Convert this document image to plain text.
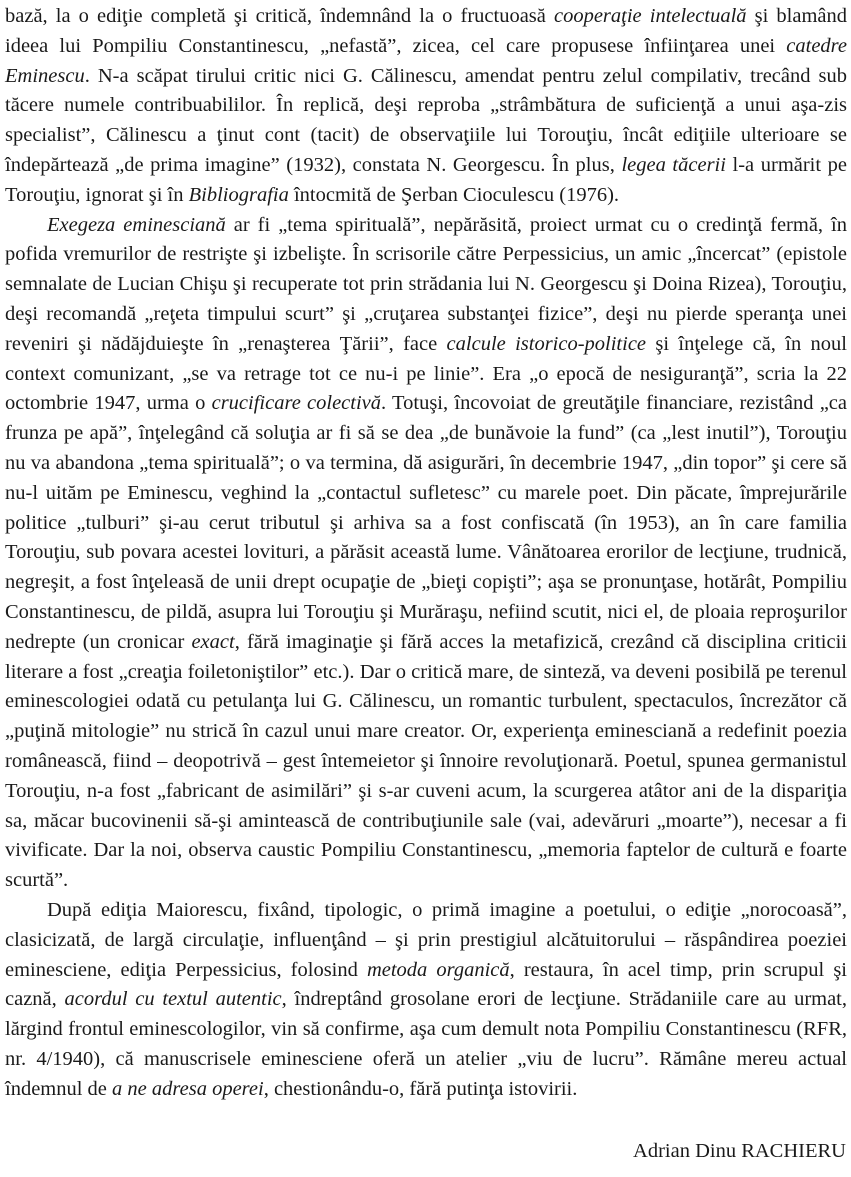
bază, la o ediţie completă şi critică, îndemnând la o fructuoasă cooperaţie intelectuală şi blamând ideea lui Pompiliu Constantinescu, „nefastă”, zicea, cel care propusese înfiinţarea unei catedre Eminescu. N-a scăpat tirului critic nici G. Călinescu, amendat pentru zelul compilativ, trecând sub tăcere numele contribuabililor. În replică, deşi reproba „strâmbătura de suficienţă a unui aşa-zis specialist”, Călinescu a ţinut cont (tacit) de observaţiile lui Torouţiu, încât ediţiile ulterioare se îndepărtează „de prima imagine” (1932), constata N. Georgescu. În plus, legea tăcerii l-a urmărit pe Torouţiu, ignorat şi în Bibliografia întocmită de Şerban Cioculescu (1976).

Exegeza eminesciană ar fi „tema spirituală”, nepărăsită, proiect urmat cu o credinţă fermă, în pofida vremurilor de restrişte şi izbelişte. În scrisorile către Perpessicius, un amic „încercat” (epistole semnalate de Lucian Chişu şi recuperate tot prin strădania lui N. Georgescu şi Doina Rizea), Torouţiu, deşi recomandă „reţeta timpului scurt” şi „cruţarea substanţei fizice”, deşi nu pierde speranţa unei reveniri şi nădăjduieşte în „renaşterea Ţării”, face calcule istorico-politice şi înţelege că, în noul context comunizant, „se va retrage tot ce nu-i pe linie”. Era „o epocă de nesiguranţă”, scria la 22 octombrie 1947, urma o crucificare colectivă. Totuşi, încovoiat de greutăţile financiare, rezistând „ca frunza pe apă”, înţelegând că soluţia ar fi să se dea „de bunăvoie la fund” (ca „lest inutil”), Torouţiu nu va abandona „tema spirituală”; o va termina, dă asigurări, în decembrie 1947, „din topor” şi cere să nu-l uităm pe Eminescu, veghind la „contactul sufletesc” cu marele poet. Din păcate, împrejurările politice „tulburi” şi-au cerut tributul şi arhiva sa a fost confiscată (în 1953), an în care familia Torouţiu, sub povara acestei lovituri, a părăsit această lume. Vânătoarea erorilor de lecţiune, trudnică, negreşit, a fost înţeleasă de unii drept ocupaţie de „bieţi copişti”; aşa se pronunţase, hotărât, Pompiliu Constantinescu, de pildă, asupra lui Torouţiu şi Murăraşu, nefiind scutit, nici el, de ploaia reproşurilor nedrepte (un cronicar exact, fără imaginaţie şi fără acces la metafizică, crezând că disciplina criticii literare a fost „creaţia foiletoniştilor” etc.). Dar o critică mare, de sinteză, va deveni posibilă pe terenul eminescologiei odată cu petulanţa lui G. Călinescu, un romantic turbulent, spectaculos, încrezător că „puţină mitologie” nu strică în cazul unui mare creator. Or, experienţa eminesciană a redefinit poezia românească, fiind – deopotrivă – gest întemeietor şi înnoire revoluţionară. Poetul, spunea germanistul Torouţiu, n-a fost „fabricant de asimilări” şi s-ar cuveni acum, la scurgerea atâtor ani de la dispariţia sa, măcar bucovinenii să-şi amintească de contribuţiunile sale (vai, adevăruri „moarte”), necesar a fi vivificate. Dar la noi, observa caustic Pompiliu Constantinescu, „memoria faptelor de cultură e foarte scurtă”.

După ediţia Maiorescu, fixând, tipologic, o primă imagine a poetului, o ediţie „norocoasă”, clasicizată, de largă circulaţie, influenţând – şi prin prestigiul alcătuitorului – răspândirea poeziei eminesciene, ediţia Perpessicius, folosind metoda organică, restaura, în acel timp, prin scrupul şi caznă, acordul cu textul autentic, îndreptând grosolane erori de lecţiune. Strădaniile care au urmat, lărgind frontul eminescologilor, vin să confirme, aşa cum demult nota Pompiliu Constantinescu (RFR, nr. 4/1940), că manuscrisele eminesciene oferă un atelier „viu de lucru”. Rămâne mereu actual îndemnul de a ne adresa operei, chestionându-o, fără putinţa istovirii.

Adrian Dinu RACHIERU
